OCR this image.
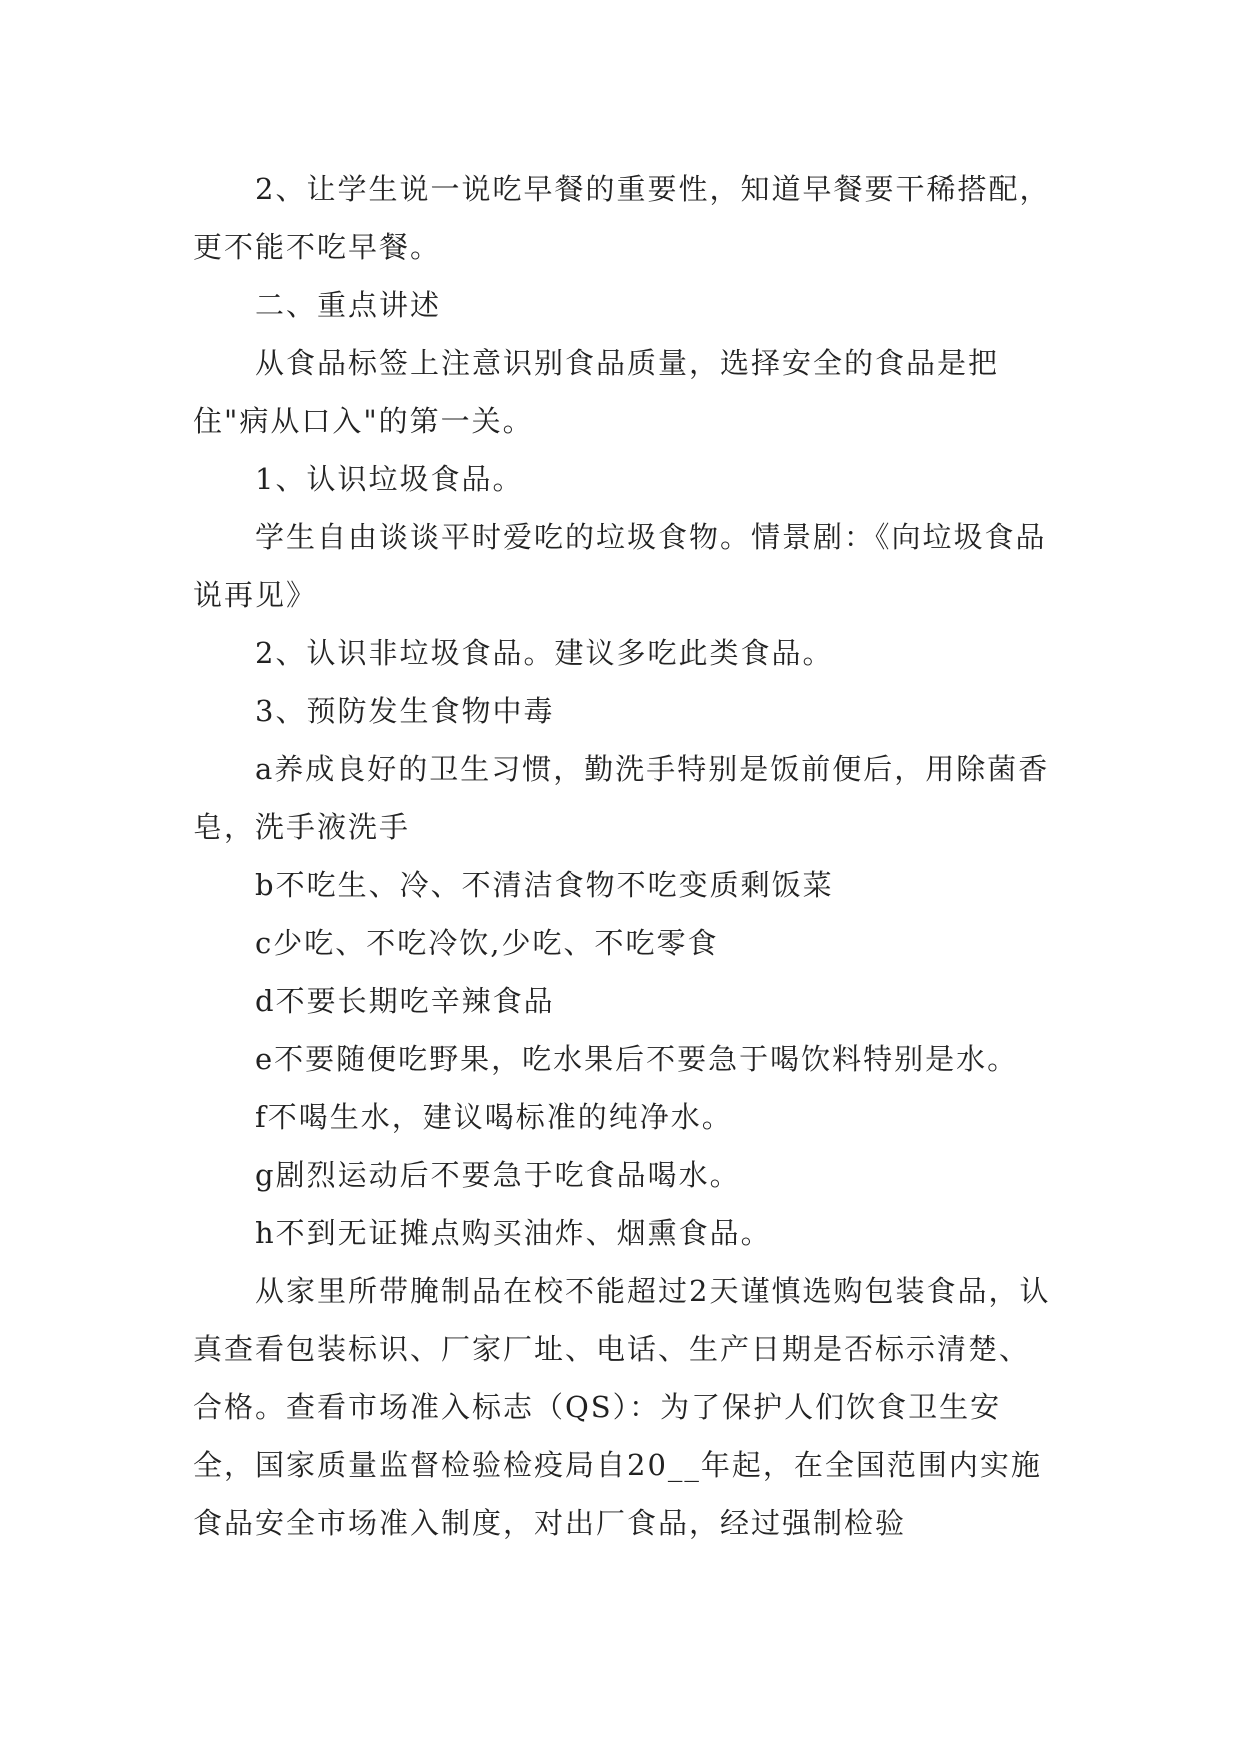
2、让学生说一说吃早餐的重要性，知道早餐要干稀搭配，更不能不吃早餐。

二、重点讲述

从食品标签上注意识别食品质量，选择安全的食品是把住"病从口入"的第一关。

1、认识垃圾食品。

学生自由谈谈平时爱吃的垃圾食物。情景剧：《向垃圾食品说再见》

2、认识非垃圾食品。建议多吃此类食品。

3、预防发生食物中毒

a养成良好的卫生习惯，勤洗手特别是饭前便后，用除菌香皂，洗手液洗手

b不吃生、冷、不清洁食物不吃变质剩饭菜

c少吃、不吃冷饮,少吃、不吃零食

d不要长期吃辛辣食品

e不要随便吃野果，吃水果后不要急于喝饮料特别是水。

f不喝生水，建议喝标准的纯净水。

g剧烈运动后不要急于吃食品喝水。

h不到无证摊点购买油炸、烟熏食品。

从家里所带腌制品在校不能超过2天谨慎选购包装食品，认真查看包装标识、厂家厂址、电话、生产日期是否标示清楚、合格。查看市场准入标志（QS）：为了保护人们饮食卫生安全，国家质量监督检验检疫局自20__年起，在全国范围内实施食品安全市场准入制度，对出厂食品，经过强制检验
